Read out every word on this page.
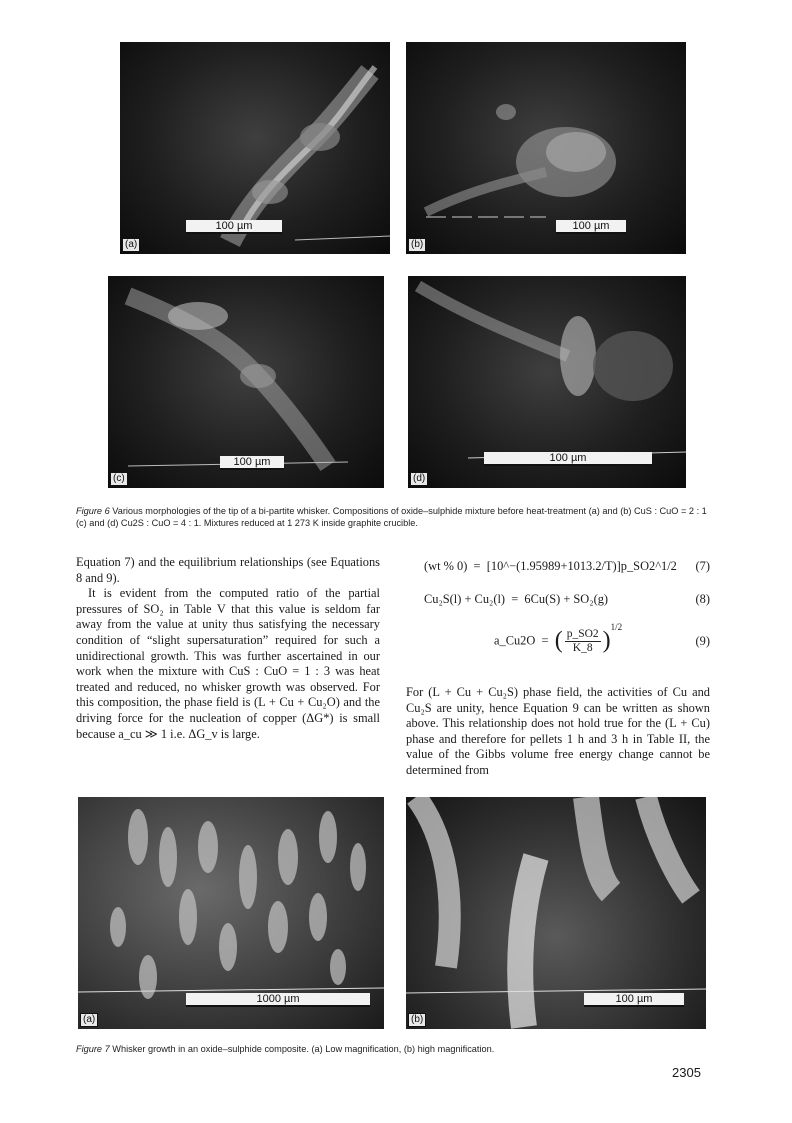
100 µm
(a)
100 µm
(b)
100 µm
(c)
100 µm
(d)
Figure 6 Various morphologies of the tip of a bi-partite whisker. Compositions of oxide–sulphide mixture before heat-treatment (a) and (b) CuS : CuO = 2 : 1 (c) and (d) Cu2S : CuO = 4 : 1. Mixtures reduced at 1 273 K inside graphite crucible.

Equation 7) and the equilibrium relationships (see Equations 8 and 9).

It is evident from the computed ratio of the partial pressures of SO₂ in Table V that this value is seldom far away from the value at unity thus satisfying the necessary condition of “slight supersaturation” required for such a unidirectional growth. This was further ascertained in our work when the mixture with CuS : CuO = 1 : 3 was heat treated and reduced, no whisker growth was observed. For this composition, the phase field is (L + Cu + Cu₂O) and the driving force for the nucleation of copper (ΔG*) is small because a_cu ≫ 1 i.e. ΔG_v is large.

(wt % 0)  =  [10^−(1.95989+1013.2/T)]p_SO2^1/2 (7)
Cu₂S(l) + Cu₂(l)  =  6Cu(S) + SO₂(g)	(8)
a_Cu2O  =  ( $\frac{p\_SO2}{K\_8} )^{1/2}$
(9)

For (L + Cu + Cu₂S) phase field, the activities of Cu and Cu₂S are unity, hence Equation 9 can be written as shown above. This relationship does not hold true for the (L + Cu) phase and therefore for pellets 1 h and 3 h in Table II, the value of the Gibbs volume free energy change cannot be determined from

1000 µm
(a)
100 µm
(b)
Figure 7 Whisker growth in an oxide–sulphide composite. (a) Low magnification, (b) high magnification.
2305
